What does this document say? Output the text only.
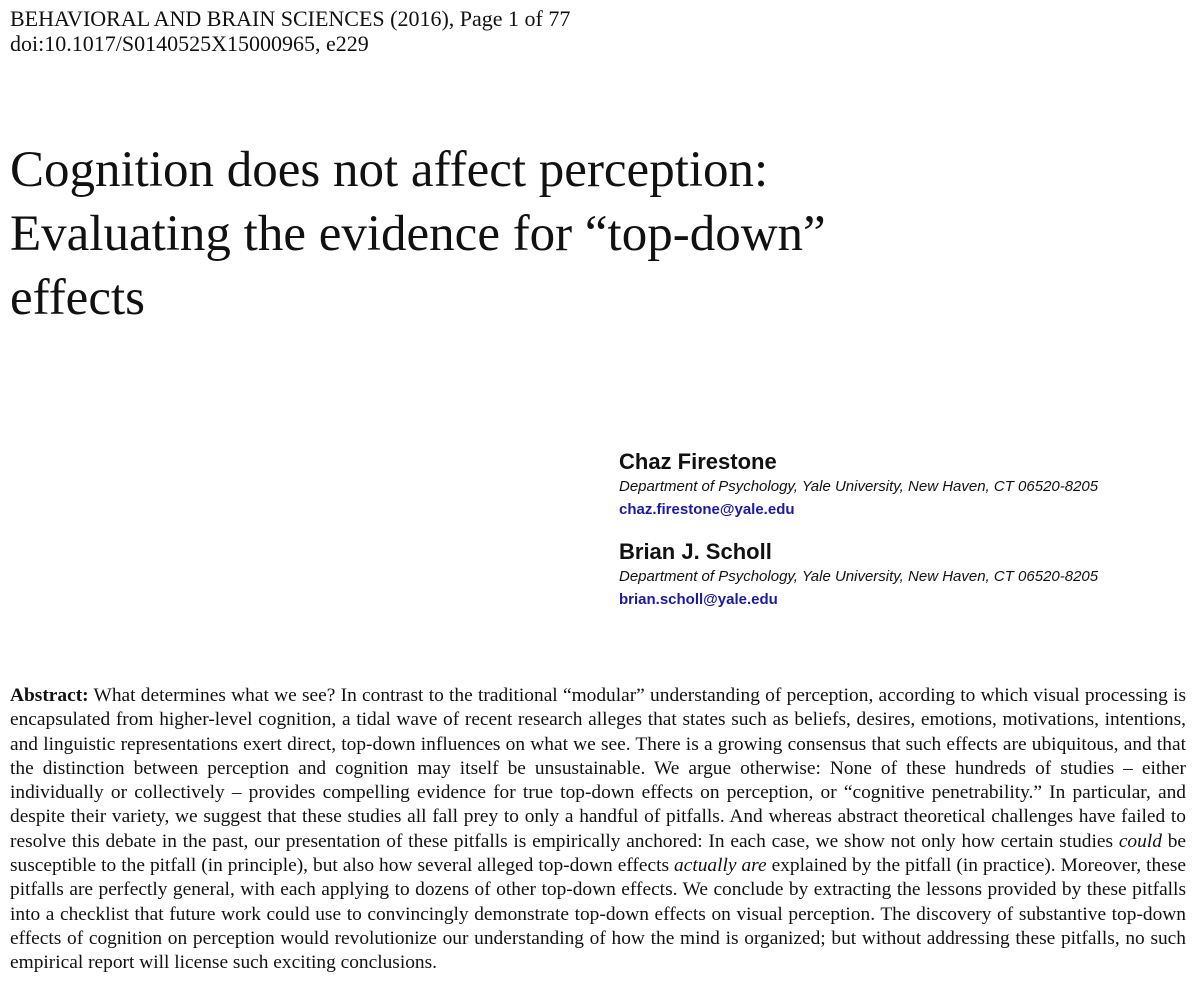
BEHAVIORAL AND BRAIN SCIENCES (2016), Page 1 of 77
doi:10.1017/S0140525X15000965, e229
Cognition does not affect perception:
Evaluating the evidence for “top-down”
effects
Chaz Firestone
Department of Psychology, Yale University, New Haven, CT 06520-8205
chaz.firestone@yale.edu
Brian J. Scholl
Department of Psychology, Yale University, New Haven, CT 06520-8205
brian.scholl@yale.edu

Abstract: What determines what we see? In contrast to the traditional “modular” understanding of perception, according to which visual processing is encapsulated from higher-level cognition, a tidal wave of recent research alleges that states such as beliefs, desires, emotions, motivations, intentions, and linguistic representations exert direct, top-down influences on what we see. There is a growing consensus that such effects are ubiquitous, and that the distinction between perception and cognition may itself be unsustainable. We argue otherwise: None of these hundreds of studies – either individually or collectively – provides compelling evidence for true top-down effects on perception, or “cognitive penetrability.” In particular, and despite their variety, we suggest that these studies all fall prey to only a handful of pitfalls. And whereas abstract theoretical challenges have failed to resolve this debate in the past, our presentation of these pitfalls is empirically anchored: In each case, we show not only how certain studies could be susceptible to the pitfall (in principle), but also how several alleged top-down effects actually are explained by the pitfall (in practice). Moreover, these pitfalls are perfectly general, with each applying to dozens of other top-down effects. We conclude by extracting the lessons provided by these pitfalls into a checklist that future work could use to convincingly demonstrate top-down effects on visual perception. The discovery of substantive top-down effects of cognition on perception would revolutionize our understanding of how the mind is organized; but without addressing these pitfalls, no such empirical report will license such exciting conclusions.
